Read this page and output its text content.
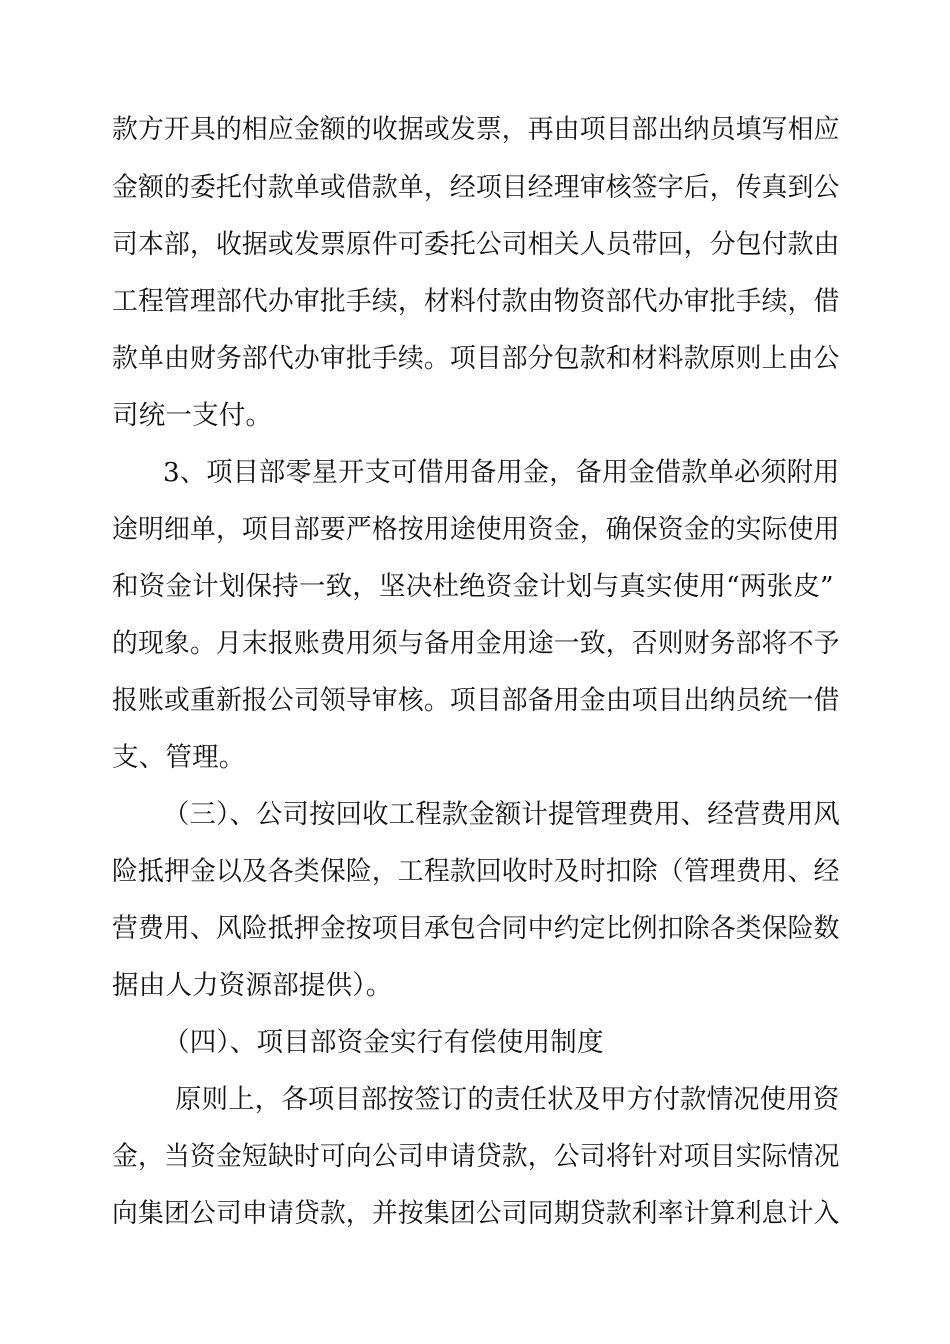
款方开具的相应金额的收据或发票，再由项目部出纳员填写相应
金额的委托付款单或借款单，经项目经理审核签字后，传真到公
司本部，收据或发票原件可委托公司相关人员带回，分包付款由
工程管理部代办审批手续，材料付款由物资部代办审批手续，借
款单由财务部代办审批手续。项目部分包款和材料款原则上由公
司统一支付。
3、项目部零星开支可借用备用金，备用金借款单必须附用
途明细单，项目部要严格按用途使用资金，确保资金的实际使用
和资金计划保持一致，坚决杜绝资金计划与真实使用“两张皮”
的现象。月末报账费用须与备用金用途一致，否则财务部将不予
报账或重新报公司领导审核。项目部备用金由项目出纳员统一借
支、管理。
（三）、公司按回收工程款金额计提管理费用、经营费用风
险抵押金以及各类保险，工程款回收时及时扣除（管理费用、经
营费用、风险抵押金按项目承包合同中约定比例扣除各类保险数
据由人力资源部提供）。
（四）、项目部资金实行有偿使用制度
原则上，各项目部按签订的责任状及甲方付款情况使用资
金，当资金短缺时可向公司申请贷款，公司将针对项目实际情况
向集团公司申请贷款，并按集团公司同期贷款利率计算利息计入
